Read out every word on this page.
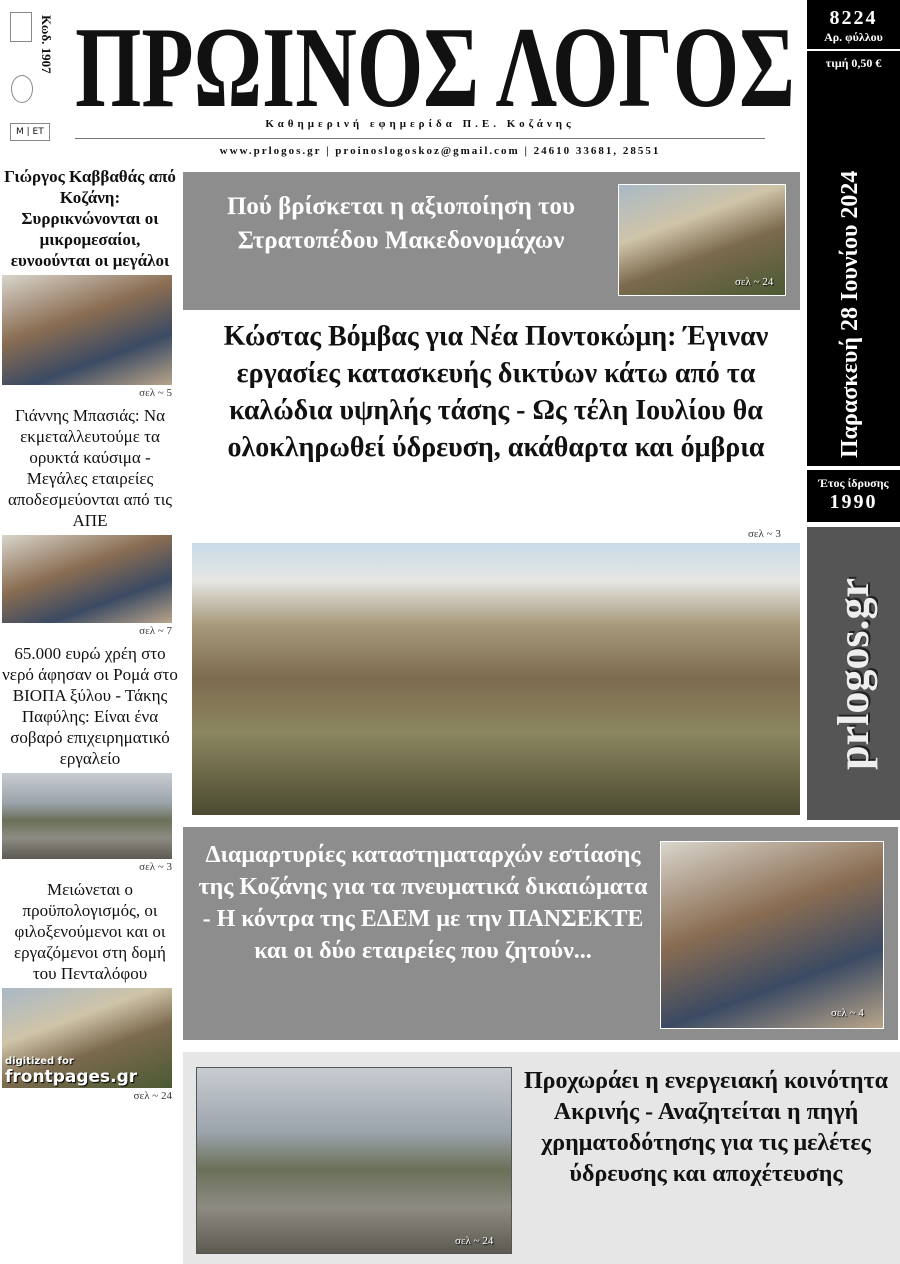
Κωδ. 1907
Μ | ΕΤ ΠΡΩΙΝΟΣ ΛΟΓΟΣ
Καθημερινή εφημερίδα Π.Ε. Κοζάνης
www.prlogos.gr | proinoslogoskoz@gmail.com | 24610 33681, 28551
8224
Αρ. φύλλου
τιμή 0,50 €
Παρασκευή 28 Ιουνίου 2024
Έτος ίδρυσης
1990
prlogos.gr
Γιώργος Καββαθάς από Κοζάνη: Συρρικνώνονται οι μικρομεσαίοι, ευνοούνται οι μεγάλοι
σελ ~ 5
Γιάννης Μπασιάς: Να εκμεταλλευτούμε τα ορυκτά καύσιμα - Μεγάλες εταιρείες αποδεσμεύονται από τις ΑΠΕ
σελ ~ 7
65.000 ευρώ χρέη στο νερό άφησαν οι Ρομά στο ΒΙΟΠΑ ξύλου - Τάκης Παφύλης: Είναι ένα σοβαρό επιχειρηματικό εργαλείο
σελ ~ 3
Μειώνεται ο προϋπολογισμός, οι φιλοξενούμενοι και οι εργαζόμενοι στη δομή του Πενταλόφου
digitized for
frontpages.gr
σελ ~ 24
Πού βρίσκεται η αξιοποίηση του Στρατοπέδου Μακεδονομάχων
σελ ~ 24
Κώστας Βόμβας για Νέα Ποντοκώμη: Έγιναν εργασίες κατασκευής δικτύων κάτω από τα καλώδια υψηλής τάσης - Ως τέλη Ιουλίου θα ολοκληρωθεί ύδρευση, ακάθαρτα και όμβρια
σελ ~ 3
Διαμαρτυρίες καταστηματαρχών εστίασης της Κοζάνης για τα πνευματικά δικαιώματα - Η κόντρα της ΕΔΕΜ με την ΠΑΝΣΕΚΤΕ και οι δύο εταιρείες που ζητούν...
σελ ~ 4
σελ ~ 24
Προχωράει η ενεργειακή κοινότητα Ακρινής - Αναζητείται η πηγή χρηματοδότησης για τις μελέτες ύδρευσης και αποχέτευσης
